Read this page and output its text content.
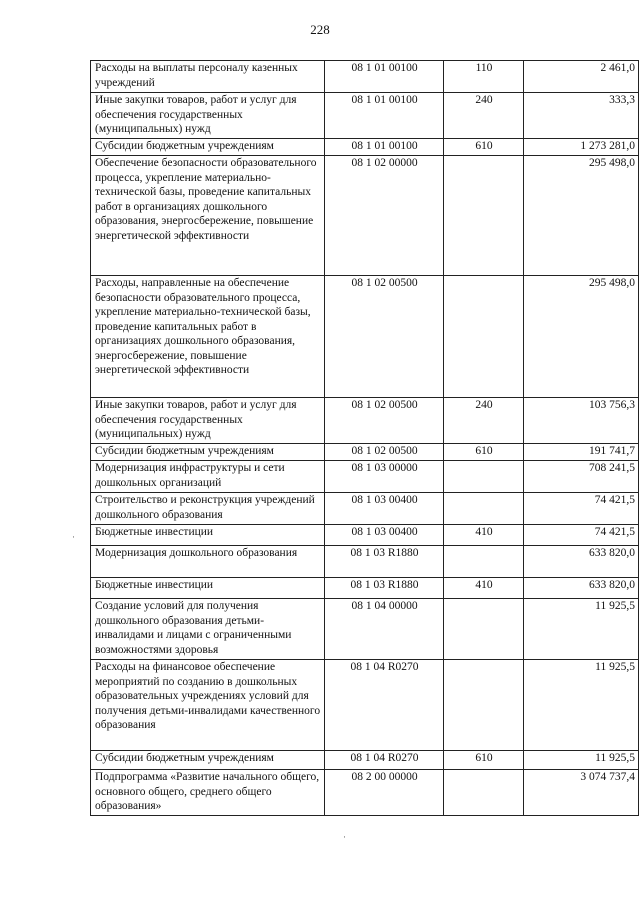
228
Расходы на выплаты персоналу казенных учреждений	08 1 01 00100	110	2 461,0
Иные закупки товаров, работ и услуг для обеспечения государственных (муниципальных) нужд	08 1 01 00100	240	333,3
Субсидии бюджетным учреждениям	08 1 01 00100	610	1 273 281,0
Обеспечение безопасности образовательного процесса, укрепление материально-технической базы, проведение капитальных работ в организациях дошкольного образования, энергосбережение, повышение энергетической эффективности	08 1 02 00000		295 498,0
Расходы, направленные на обеспечение безопасности образовательного процесса, укрепление материально-технической базы, проведение капитальных работ в организациях дошкольного образования, энергосбережение, повышение энергетической эффективности	08 1 02 00500		295 498,0
Иные закупки товаров, работ и услуг для обеспечения государственных (муниципальных) нужд	08 1 02 00500	240	103 756,3
Субсидии бюджетным учреждениям	08 1 02 00500	610	191 741,7
Модернизация инфраструктуры и сети дошкольных организаций	08 1 03 00000		708 241,5
Строительство и реконструкция учреждений дошкольного образования	08 1 03 00400		74 421,5
Бюджетные инвестиции	08 1 03 00400	410	74 421,5
Модернизация дошкольного образования	08 1 03 R1880		633 820,0
Бюджетные инвестиции	08 1 03 R1880	410	633 820,0
Создание условий для получения дошкольного образования детьми-инвалидами и лицами с ограниченными возможностями здоровья	08 1 04 00000		11 925,5
Расходы на финансовое обеспечение мероприятий по созданию в дошкольных образовательных учреждениях условий для получения детьми-инвалидами качественного образования	08 1 04 R0270		11 925,5
Субсидии бюджетным учреждениям	08 1 04 R0270	610	11 925,5
Подпрограмма «Развитие начального общего, основного общего, среднего общего образования»	08 2 00 00000		3 074 737,4
·
·
